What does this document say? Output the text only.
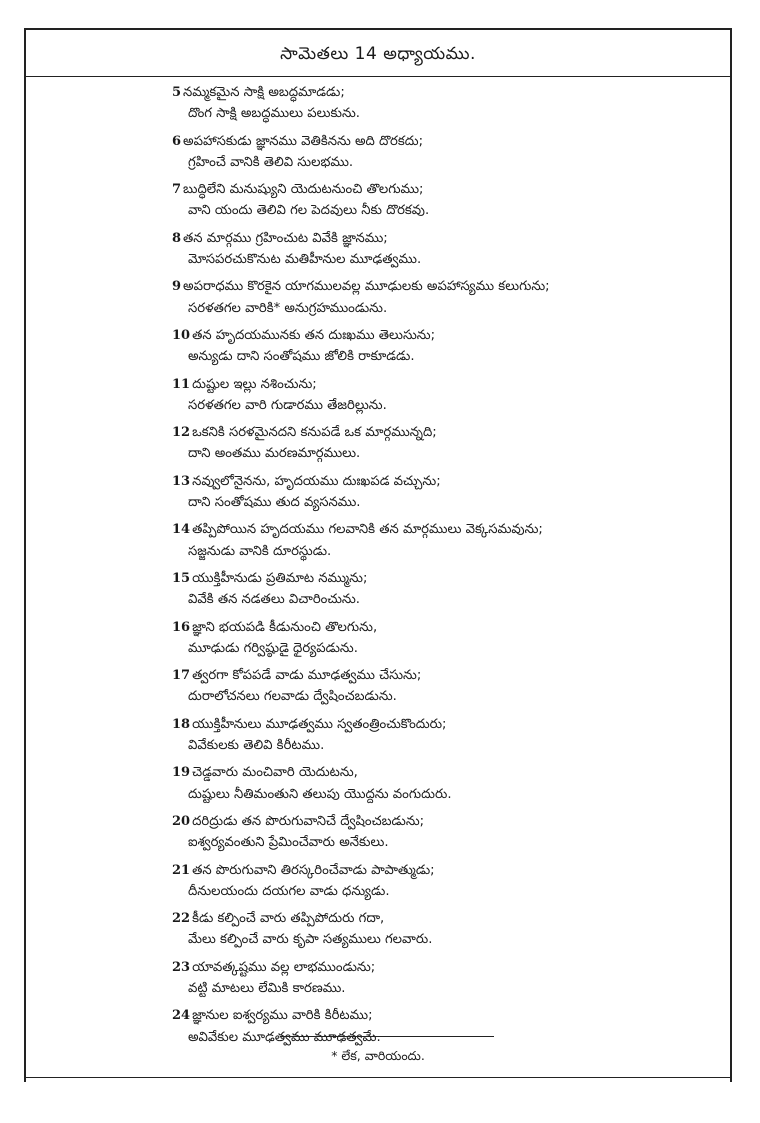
సామెతలు 14 అధ్యాయము.
5 నమ్మకమైన సాక్షి అబద్ధమాడడు;
దొంగ సాక్షి అబద్ధములు పలుకును.
6 అపహాసకుడు జ్ఞానము వెతికినను అది దొరకదు;
గ్రహించే వానికి తెలివి సులభము.
7 బుద్ధిలేని మనుష్యుని యెదుటనుంచి తొలగుము;
వాని యందు తెలివి గల పెదవులు నీకు దొరకవు.
8 తన మార్గము గ్రహించుట వివేకి జ్ఞానము;
మోసపరచుకొనుట మతిహీనుల మూఢత్వము.
9 అపరాధము కొరకైన యాగములవల్ల మూఢులకు అపహాస్యము కలుగును;
సరళతగల వారికి* అనుగ్రహముండును.
10 తన హృదయమునకు తన దుఃఖము తెలుసును;
అన్యుడు దాని సంతోషము జోలికి రాకూడడు.
11 దుష్టుల ఇల్లు నశించును;
సరళతగల వారి గుడారము తేజరిల్లును.
12 ఒకనికి సరళమైనదని కనుపడే ఒక మార్గమున్నది;
దాని అంతము మరణమార్గములు.
13 నవ్వులోనైనను, హృదయము దుఃఖపడ వచ్చును;
దాని సంతోషము తుద వ్యసనము.
14 తప్పిపోయిన హృదయము గలవానికి తన మార్గములు వెక్కసమవును;
సజ్జనుడు వానికి దూరస్థుడు.
15 యుక్తిహీనుడు ప్రతిమాట నమ్మును;
వివేకి తన నడతలు విచారించును.
16 జ్ఞాని భయపడి కీడునుంచి తొలగును,
మూఢుడు గర్విష్ఠుడై ధైర్యపడును.
17 త్వరగా కోపపడే వాడు మూఢత్వము చేసును;
దురాలోచనలు గలవాడు ద్వేషించబడును.
18 యుక్తిహీనులు మూఢత్వము స్వతంత్రించుకొందురు;
వివేకులకు తెలివి కిరీటము.
19 చెడ్డవారు మంచివారి యెదుటను,
దుష్టులు నీతిమంతుని తలుపు యొద్దను వంగుదురు.
20 దరిద్రుడు తన పొరుగువానిచే ద్వేషించబడును;
ఐశ్వర్యవంతుని ప్రేమించేవారు అనేకులు.
21 తన పొరుగువాని తిరస్కరించేవాడు పాపాత్ముడు;
దీనులయందు దయగల వాడు ధన్యుడు.
22 కీడు కల్పించే వారు తప్పిపోదురు గదా,
మేలు కల్పించే వారు కృపా సత్యములు గలవారు.
23 యావత్కష్టము వల్ల లాభముండును;
వట్టి మాటలు లేమికి కారణము.
24 జ్ఞానుల ఐశ్వర్యము వారికి కిరీటము;
అవివేకుల మూఢత్వము మూఢత్వమే.
* లేక, వారియందు.
